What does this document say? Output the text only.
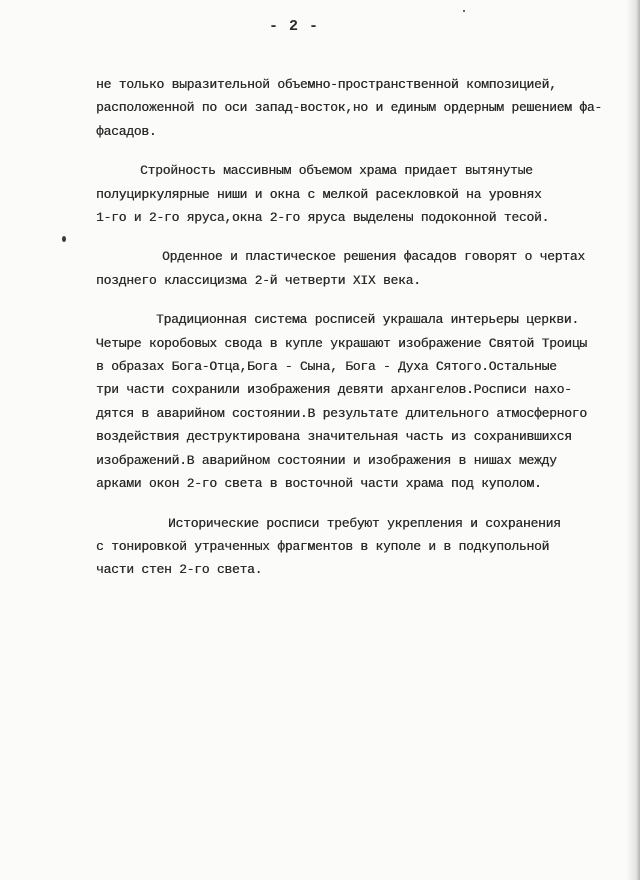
- 2 -
не только выразительной объемно-пространственной композицией,
расположенной по оси запад-восток,но и единым ордерным решением фа-
фасадов.
Стройность массивным объемом храма придает вытянутые
полуциркулярные ниши и окна с мелкой расекловкой на уровнях
1-го и 2-го яруса,окна 2-го яруса выделены подоконной тесой.
Орденное и пластическое решения фасадов говорят о чертах
позднего классицизма 2-й четверти XIX века.
Традиционная система росписей украшала интерьеры церкви.
Четыре коробовых свода в купле украшают изображение Святой Троицы
в образах Бога-Отца,Бога - Сына, Бога - Духа Сятого.Остальные
три части сохранили изображения девяти архангелов.Росписи нахо-
дятся в аварийном состоянии.В результате длительного атмосферного
воздействия деструктирована значительная часть из сохранившихся
изображений.В аварийном состоянии и изображения в нишах между
арками окон 2-го света в восточной части храма под куполом.
Исторические росписи требуют укрепления и сохранения
с тонировкой утраченных фрагментов в куполе и в подкупольной
части стен 2-го света.
